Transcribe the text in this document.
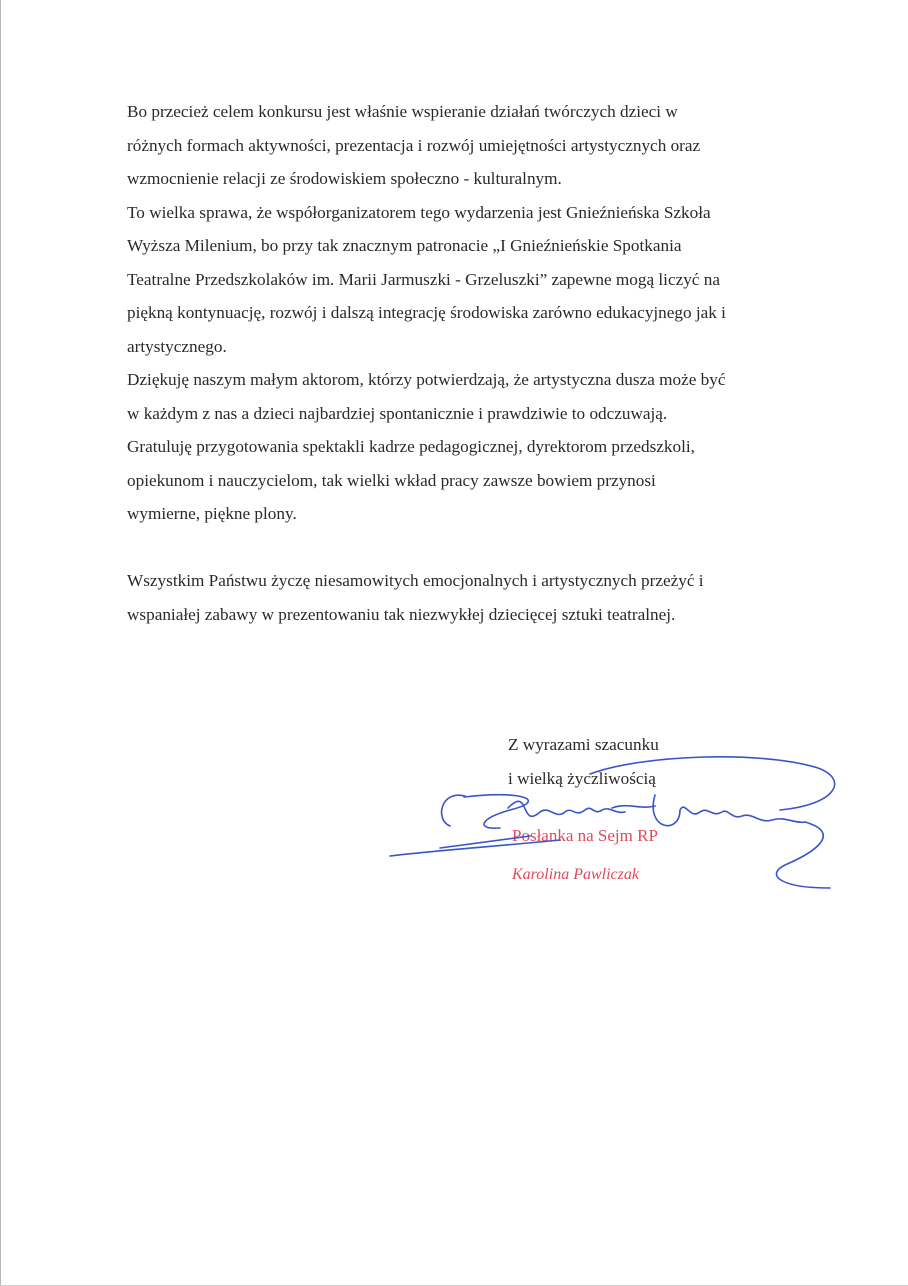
Bo przecież celem konkursu jest właśnie wspieranie działań twórczych dzieci w

różnych formach aktywności, prezentacja i rozwój umiejętności artystycznych oraz

wzmocnienie relacji ze środowiskiem społeczno - kulturalnym.

To wielka sprawa, że współorganizatorem tego wydarzenia jest Gnieźnieńska Szkoła

Wyższa Milenium, bo przy tak znacznym patronacie „I Gnieźnieńskie Spotkania

Teatralne Przedszkolaków im. Marii Jarmuszki - Grzeluszki” zapewne mogą liczyć na

piękną kontynuację, rozwój i dalszą integrację środowiska zarówno edukacyjnego jak i

artystycznego.

Dziękuję naszym małym aktorom, którzy potwierdzają, że artystyczna dusza może być

w każdym z nas a dzieci najbardziej spontanicznie i prawdziwie to odczuwają.

Gratuluję przygotowania spektakli kadrze pedagogicznej, dyrektorom przedszkoli,

opiekunom i nauczycielom, tak wielki wkład pracy zawsze bowiem przynosi

wymierne, piękne plony.

Wszystkim Państwu życzę niesamowitych emocjonalnych i artystycznych przeżyć i

wspaniałej zabawy w prezentowaniu tak niezwykłej dziecięcej sztuki teatralnej.

Z wyrazami szacunku

i wielką życzliwością

Posłanka na Sejm RP
Karolina Pawliczak
